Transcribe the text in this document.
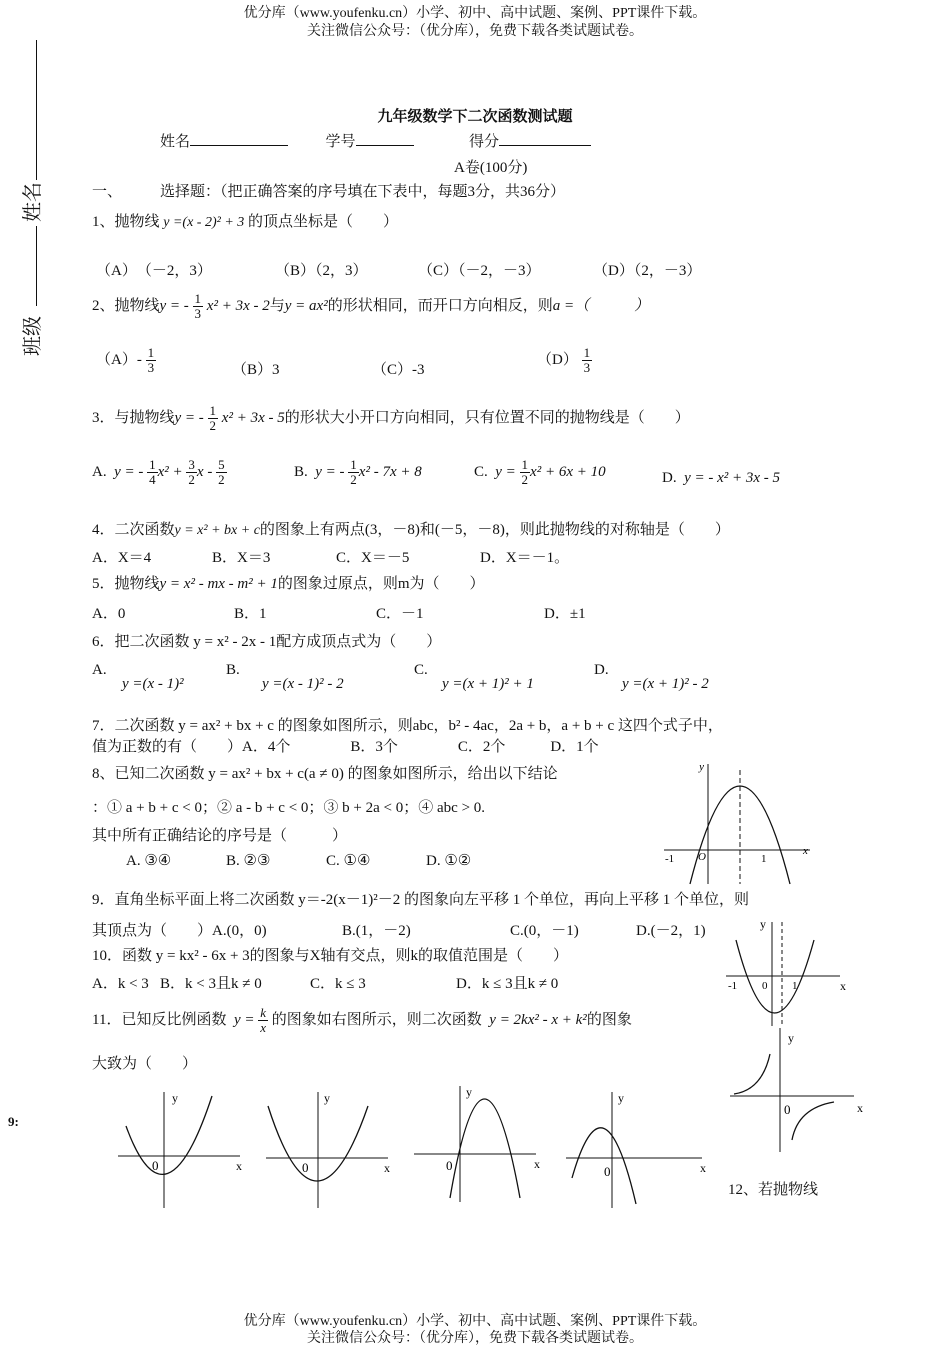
优分库（www.youfenku.cn）小学、初中、高中试题、案例、PPT课件下载。
关注微信公众号：（优分库），免费下载各类试题试卷。
姓名
班级
9:
九年级数学下二次函数测试题
姓名	学号	得分
A卷(100分)
一、	选择题：（把正确答案的序号填在下表中，每题3分，共36分）
1、抛物线 y =(x - 2)² + 3 的顶点坐标是（　　）
（A）　（－2，3）	（B）（2，3）	（C）（－2，－3）	（D）（2，－3）
2、抛物线y = - $\frac{1}{3} x^2 + 3x - 2$与y = ax²的形状相同，而开口方向相反，则a =（　　　）
$(A)- \frac{1}{3}$	（B）3	（C）-3
$(D) \frac{1}{3}$
3．与抛物线y = - $\frac{1}{2} x^2 + 3x - 5$的形状大小开口方向相同，只有位置不同的抛物线是（　　）
A. y = - $\frac{1}{4} x^2 + \frac{3}{2}$ x - $\frac{5}{2}$	B. y = - $\frac{1}{2} x^2 - 7x + 8$	C. $y = \frac{1}{2} x^2 + 6x + 10$	D. y = - x² + 3x - 5
4．二次函数y = x² + bx + c的图象上有两点(3，－8)和(－5，－8)，则此抛物线的对称轴是（　　）
A．X＝4	B．X＝3	C．X＝－5	D．X＝－1。
5．抛物线y = x² - mx - m² + 1的图象过原点，则m为（　　）
A．0	B．1	C．－1	D．±1
6．把二次函数 y = x² - 2x - 1配方成顶点式为（　　）
A.
y =(x - 1)²
B.
y =(x - 1)² - 2
C.
y =(x + 1)² + 1
D.
y =(x + 1)² - 2
7．二次函数 y = ax² + bx + c 的图象如图所示，则abc，b² - 4ac，2a + b，a + b + c 这四个式子中，
值为正数的有（　　）A．4个　　　　B．3个　　　　C．2个　　　D．1个
8、已知二次函数 y = ax² + bx + c(a ≠ 0) 的图象如图所示，给出以下结论
：① a + b + c < 0；② a - b + c < 0；③ b + 2a < 0；④ abc > 0.
其中所有正确结论的序号是（　　　）
A. ③④	B. ②③	C. ①④	D. ①②
y
x
-1 O	1
9．直角坐标平面上将二次函数 y＝-2(x－1)²－2 的图象向左平移 1 个单位，再向上平移 1 个单位，则
其顶点为（　　）A.(0，0)	B.(1，－2)	C.(0，－1)	D.(－2，1)
10．函数 y = kx² - 6x + 3的图象与X轴有交点，则k的取值范围是（　　）
A．k < 3 B．k < 3且k ≠ 0	C．k ≤ 3	D．k ≤ 3且k ≠ 0
y
x
-1 0 1
11．已知反比例函数 $y = \frac{k}{x}$ 的图象如右图所示，则二次函数 y = 2kx² - x + k²的图象
大致为（　　）
y
x
0
y
x
0
y
x
0
y
x
0
y
x
0
12、若抛物线
优分库（www.youfenku.cn）小学、初中、高中试题、案例、PPT课件下载。
关注微信公众号：（优分库），免费下载各类试题试卷。
